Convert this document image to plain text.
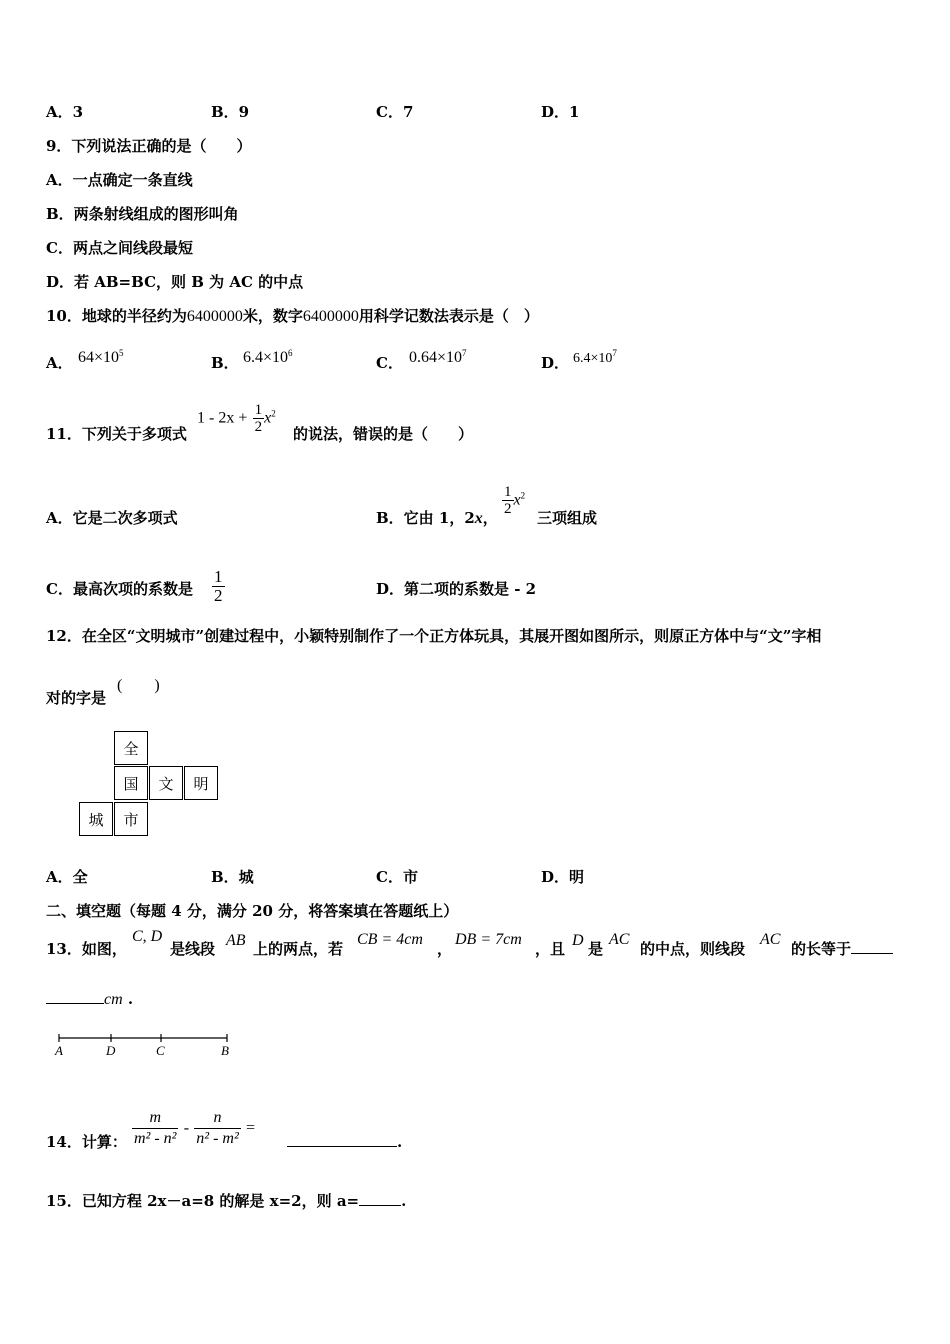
A．3	B．9	C．7	D．1
9．下列说法正确的是（　　）
A．一点确定一条直线
B．两条射线组成的图形叫角
C．两点之间线段最短
D．若 AB=BC，则 B 为 AC 的中点
10．地球的半径约为6400000米，数字6400000用科学记数法表示是（　）
A． $64\times 10^5$
B． $6.4\times 10^6$
C． $0.64\times 10^7$
D． $6.4\times 10^7$
11．下列关于多项式
$1 - 2x + \frac{1}{2} x^2$
的说法，错误的是（　　）
A．它是二次多项式	B．它由 1，2x，
$\frac{1}{2} x^2$
三项组成
C．最高次项的系数是 $\frac{1}{2}$	D．第二项的系数是 - 2
12．在全区“文明城市”创建过程中，小颖特别制作了一个正方体玩具，其展开图如图所示，则原正方体中与“文”字相
对的字是
(　　)
全
国	文	明
城	市
A．全	B．城	C．市	D．明
二、填空题（每题 4 分，满分 20 分，将答案填在答题纸上）
13．如图，
C, D
是线段 AB 上的两点，若
CB = 4cm
，
DB = 7cm
，且 D 是
AC
的中点，则线段
AC
的长等于
cm .
A	D	C	B
14．计算： $\frac{m}{\text{m² - n²}} - \frac{n}{\text{n² - m²}}$ =
.
15．已知方程 2x－a=8 的解是 x=2，则 a=	.
